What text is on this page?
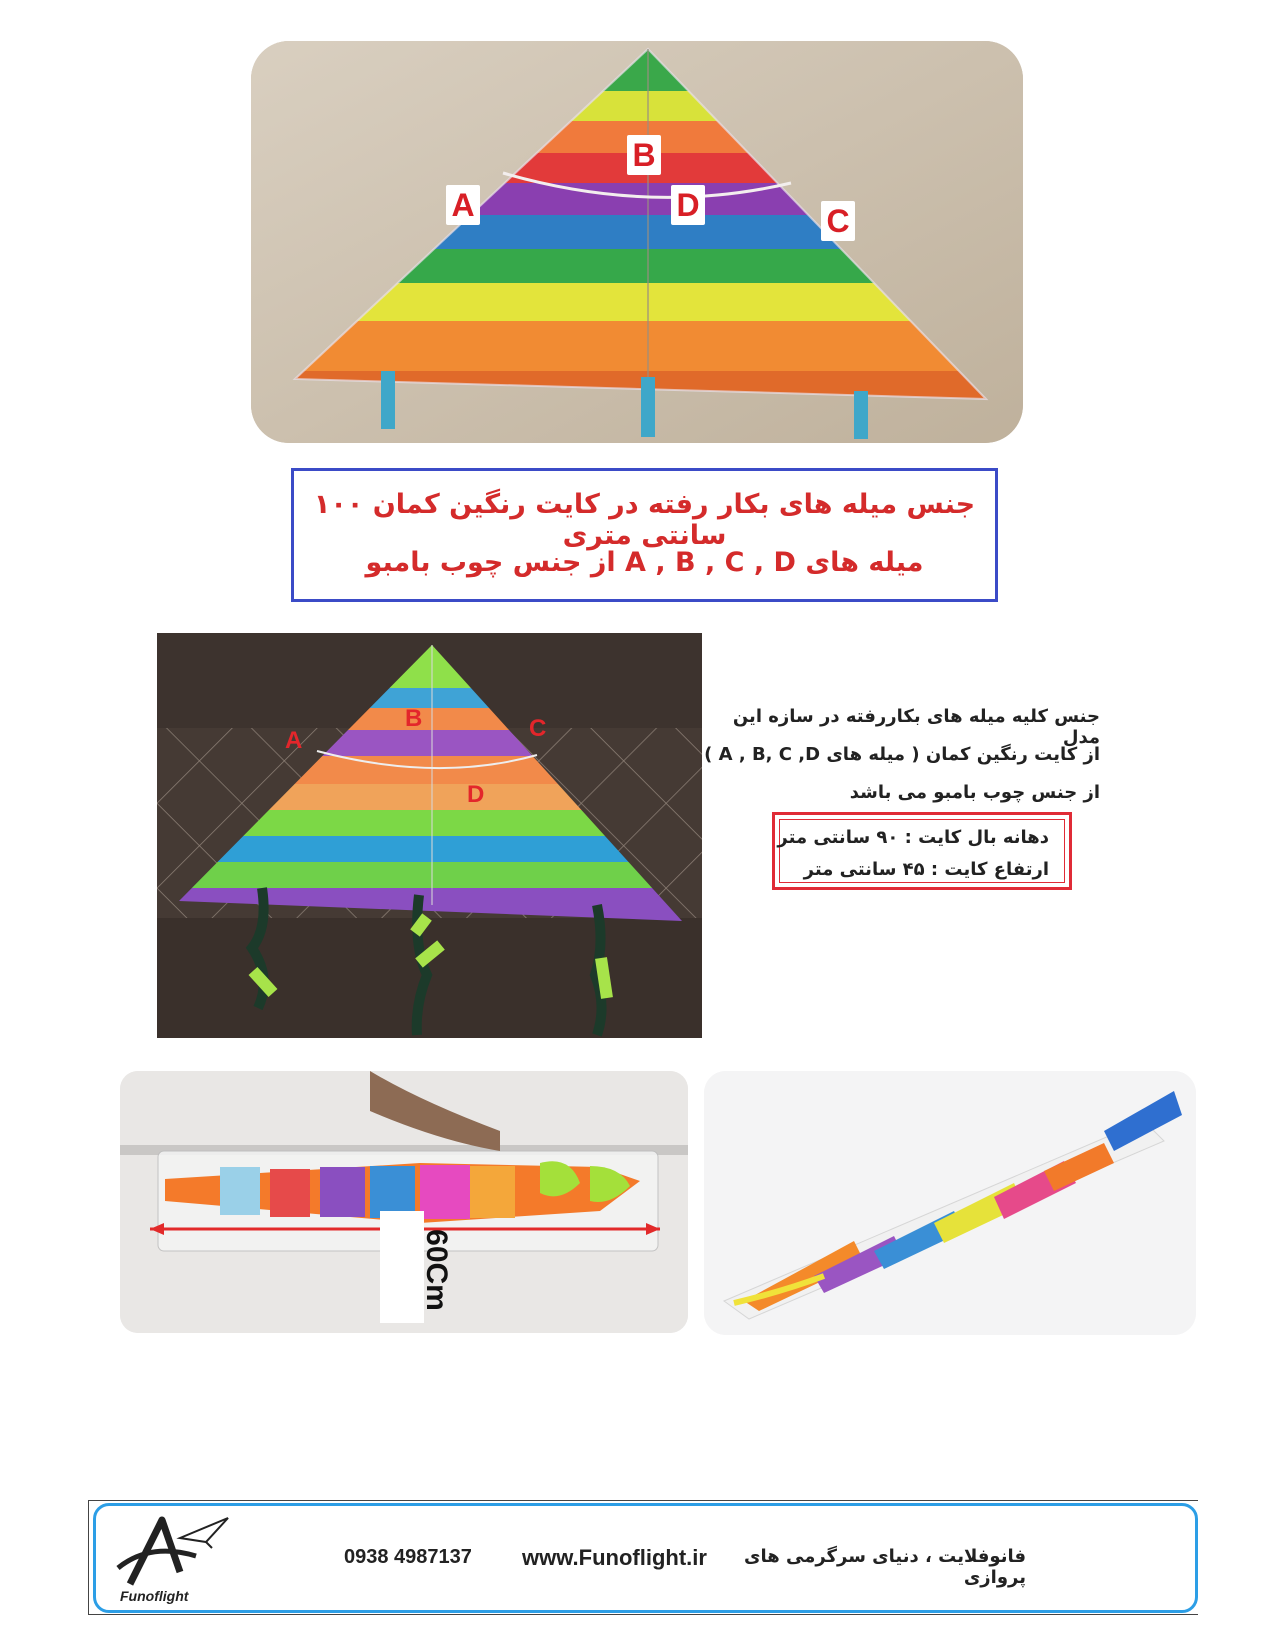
A
B
D	C
جنس میله های بکار رفته در کایت رنگین کمان ۱۰۰ سانتی متری
میله های A , B , C , D از جنس چوب بامبو
A
B	C
D
جنس کلیه میله های بکاررفته در سازه این مدل
از کایت رنگین کمان ( میله های A , B, C ,D )
از جنس چوب بامبو می باشد
دهانه بال کایت : ۹۰ سانتی متر
ارتفاع کایت : ۴۵ سانتی متر
60Cm
Funoflight
0938 4987137 www.Funoflight.ir	فانوفلایت ، دنیای سرگرمی های پروازی
